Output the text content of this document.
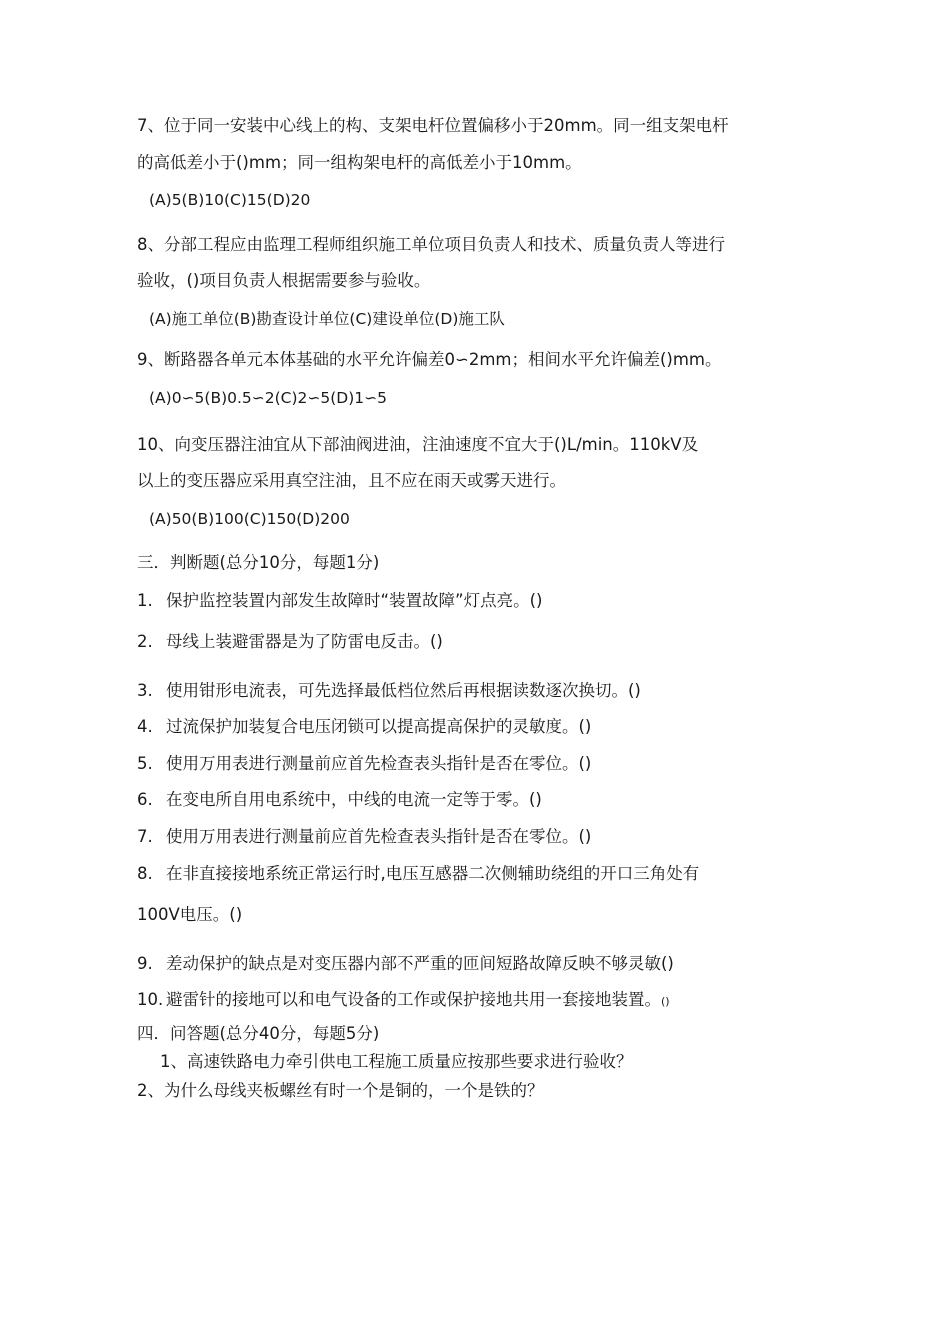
7、位于同一安装中心线上的构、支架电杆位置偏移小于20mm。同一组支架电杆
的高低差小于()mm；同一组构架电杆的高低差小于10mm。
(A)5(B)10(C)15(D)20
8、分部工程应由监理工程师组织施工单位项目负责人和技术、质量负责人等进行
验收，()项目负责人根据需要参与验收。
(A)施工单位(B)勘查设计单位(C)建设单位(D)施工队
9、断路器各单元本体基础的水平允许偏差0∽2mm；相间水平允许偏差()mm。
(A)0∽5(B)0.5∽2(C)2∽5(D)1∽5
10、向变压器注油宜从下部油阀进油，注油速度不宜大于()L/min。110kV及
以上的变压器应采用真空注油，且不应在雨天或雾天进行。
(A)50(B)100(C)150(D)200
三．判断题(总分10分，每题1分)
1. 保护监控装置内部发生故障时“装置故障”灯点亮。()
2. 母线上装避雷器是为了防雷电反击。()
3. 使用钳形电流表，可先选择最低档位然后再根据读数逐次换切。()
4. 过流保护加装复合电压闭锁可以提高提高保护的灵敏度。()
5. 使用万用表进行测量前应首先检查表头指针是否在零位。()
6. 在变电所自用电系统中，中线的电流一定等于零。()
7. 使用万用表进行测量前应首先检查表头指针是否在零位。()
8. 在非直接接地系统正常运行时,电压互感器二次侧辅助绕组的开口三角处有
100V电压。()
9. 差动保护的缺点是对变压器内部不严重的匝间短路故障反映不够灵敏()
10. 避雷针的接地可以和电气设备的工作或保护接地共用一套接地装置。()
四．问答题(总分40分，每题5分)
1、高速铁路电力牵引供电工程施工质量应按那些要求进行验收？
2、为什么母线夹板螺丝有时一个是铜的，一个是铁的？
